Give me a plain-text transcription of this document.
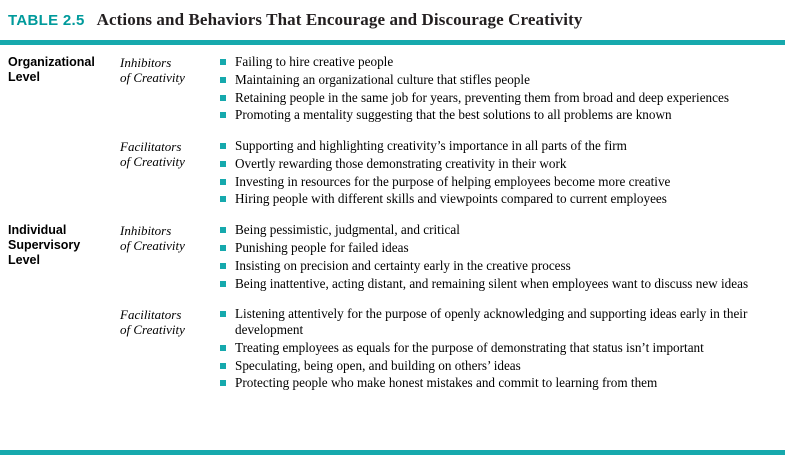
TABLE 2.5 Actions and Behaviors That Encourage and Discourage Creativity
Organizational
Level
Inhibitors
of Creativity
Failing to hire creative people
Maintaining an organizational culture that stifles people
Retaining people in the same job for years, preventing them from broad and deep experiences
Promoting a mentality suggesting that the best solutions to all problems are known
Facilitators
of Creativity
Supporting and highlighting creativity’s importance in all parts of the firm
Overtly rewarding those demonstrating creativity in their work
Investing in resources for the purpose of helping employees become more creative
Hiring people with different skills and viewpoints compared to current employees
Individual
Supervisory
Level
Inhibitors
of Creativity
Being pessimistic, judgmental, and critical
Punishing people for failed ideas
Insisting on precision and certainty early in the creative process
Being inattentive, acting distant, and remaining silent when employees want to discuss new ideas
Facilitators
of Creativity
Listening attentively for the purpose of openly acknowledging and supporting ideas early in their development
Treating employees as equals for the purpose of demonstrating that status isn’t important
Speculating, being open, and building on others’ ideas
Protecting people who make honest mistakes and commit to learning from them
